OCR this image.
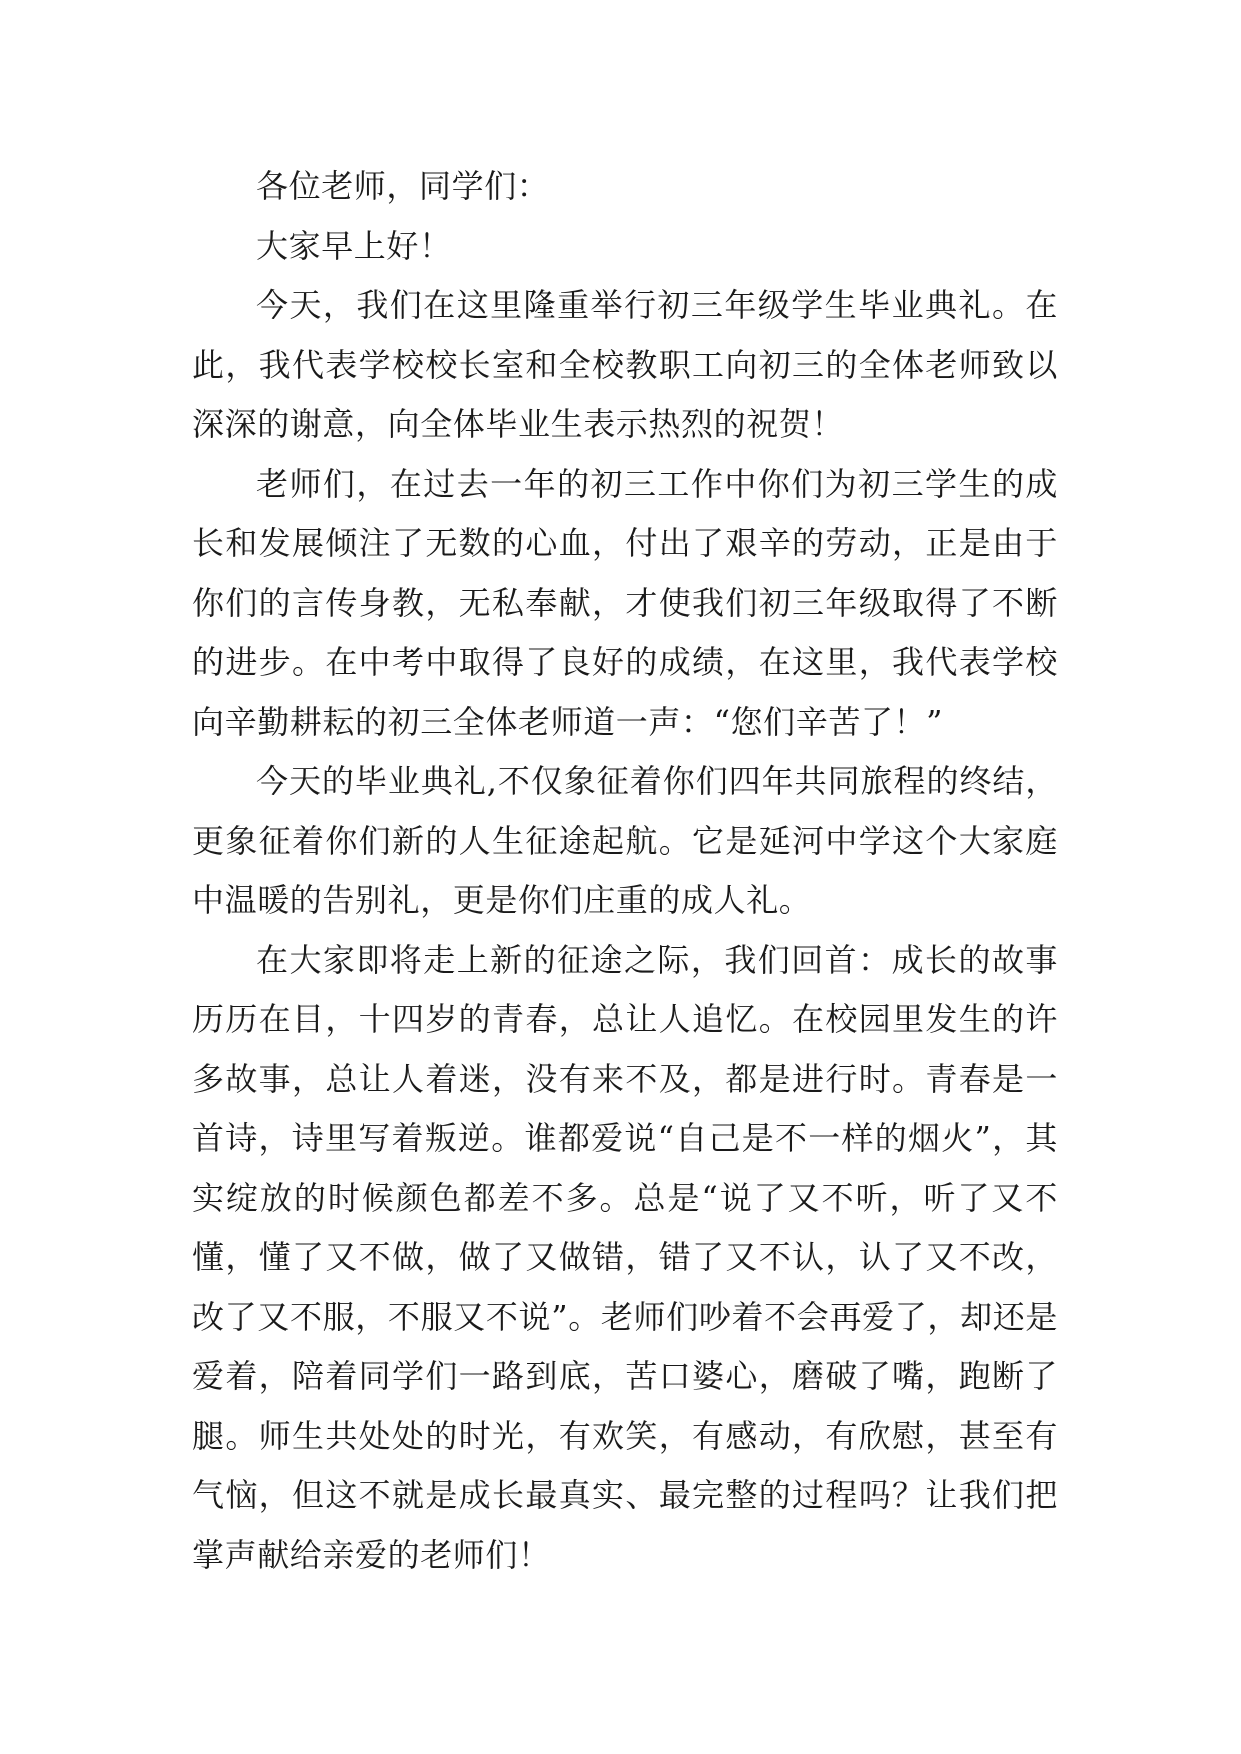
各位老师，同学们：

大家早上好！

今天，我们在这里隆重举行初三年级学生毕业典礼。在此，我代表学校校长室和全校教职工向初三的全体老师致以深深的谢意，向全体毕业生表示热烈的祝贺！

老师们，在过去一年的初三工作中你们为初三学生的成长和发展倾注了无数的心血，付出了艰辛的劳动，正是由于你们的言传身教，无私奉献，才使我们初三年级取得了不断的进步。在中考中取得了良好的成绩，在这里，我代表学校向辛勤耕耘的初三全体老师道一声：“您们辛苦了！”

今天的毕业典礼,不仅象征着你们四年共同旅程的终结，更象征着你们新的人生征途起航。它是延河中学这个大家庭中温暖的告别礼，更是你们庄重的成人礼。

在大家即将走上新的征途之际，我们回首：成长的故事历历在目，十四岁的青春，总让人追忆。在校园里发生的许多故事，总让人着迷，没有来不及，都是进行时。青春是一首诗，诗里写着叛逆。谁都爱说“自己是不一样的烟火”，其实绽放的时候颜色都差不多。总是“说了又不听，听了又不懂，懂了又不做，做了又做错，错了又不认，认了又不改，改了又不服，不服又不说”。老师们吵着不会再爱了，却还是爱着，陪着同学们一路到底，苦口婆心，磨破了嘴，跑断了腿。师生共处处的时光，有欢笑，有感动，有欣慰，甚至有气恼，但这不就是成长最真实、最完整的过程吗？让我们把掌声献给亲爱的老师们！
